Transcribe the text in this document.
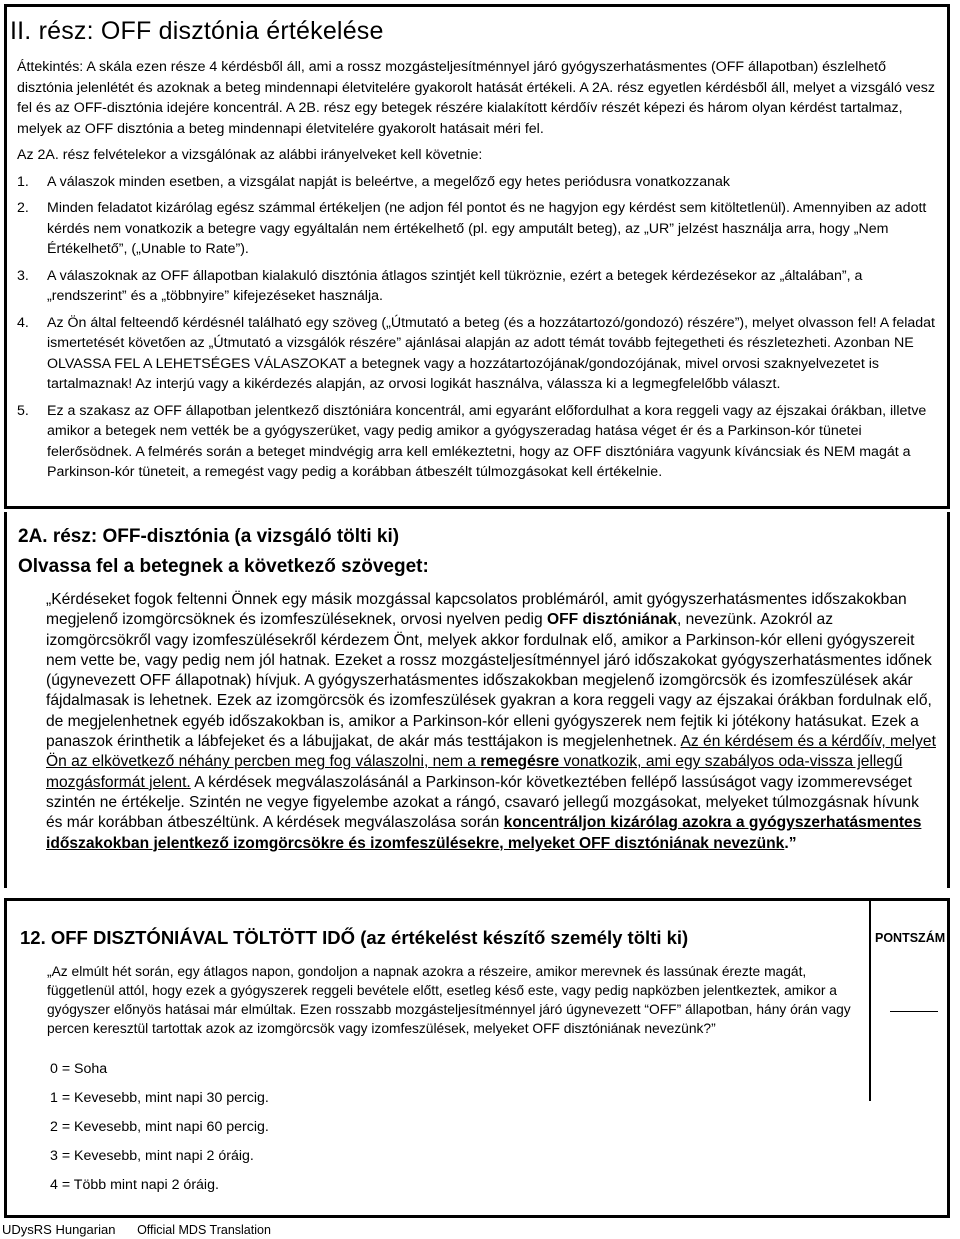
II. rész: OFF disztónia értékelése

Áttekintés: A skála ezen része 4 kérdésből áll, ami a rossz mozgásteljesítménnyel járó gyógyszerhatásmentes (OFF állapotban) észlelhető disztónia jelenlétét és azoknak a beteg mindennapi életvitelére gyakorolt hatását értékeli. A 2A. rész egyetlen kérdésből áll, melyet a vizsgáló vesz fel és az OFF-disztónia idejére koncentrál. A 2B. rész egy betegek részére kialakított kérdőív részét képezi és három olyan kérdést tartalmaz, melyek az OFF disztónia a beteg mindennapi életvitelére gyakorolt hatásait méri fel.

Az 2A. rész felvételekor a vizsgálónak az alábbi irányelveket kell követnie:

1.	A válaszok minden esetben, a vizsgálat napját is beleértve, a megelőző egy hetes periódusra vonatkozzanak
2.	Minden feladatot kizárólag egész számmal értékeljen (ne adjon fél pontot és ne hagyjon egy kérdést sem kitöltetlenül). Amennyiben az adott kérdés nem vonatkozik a betegre vagy egyáltalán nem értékelhető (pl. egy amputált beteg), az „UR” jelzést használja arra, hogy „Nem Értékelhető”, („Unable to Rate”).
3.	A válaszoknak az OFF állapotban kialakuló disztónia átlagos szintjét kell tükröznie, ezért a betegek kérdezésekor az „általában”, a „rendszerint” és a „többnyire” kifejezéseket használja.
4.	Az Ön által felteendő kérdésnél található egy szöveg („Útmutató a beteg (és a hozzátartozó/gondozó) részére”), melyet olvasson fel! A feladat ismertetését követően az „Útmutató a vizsgálók részére” ajánlásai alapján az adott témát tovább fejtegetheti és részletezheti. Azonban NE OLVASSA FEL A LEHETSÉGES VÁLASZOKAT a betegnek vagy a hozzátartozójának/gondozójának, mivel orvosi szaknyelvezetet is tartalmaznak! Az interjú vagy a kikérdezés alapján, az orvosi logikát használva, válassza ki a legmegfelelőbb választ.
5.	Ez a szakasz az OFF állapotban jelentkező disztóniára koncentrál, ami egyaránt előfordulhat a kora reggeli vagy az éjszakai órákban, illetve amikor a betegek nem vették be a gyógyszerüket, vagy pedig amikor a gyógyszeradag hatása véget ér és a Parkinson-kór tünetei felerősödnek. A felmérés során a beteget mindvégig arra kell emlékeztetni, hogy az OFF disztóniára vagyunk kíváncsiak és NEM magát a Parkinson-kór tüneteit, a remegést vagy pedig a korábban átbeszélt túlmozgásokat kell értékelnie.
2A. rész: OFF-disztónia (a vizsgáló tölti ki)
Olvassa fel a betegnek a következő szöveget:
„Kérdéseket fogok feltenni Önnek egy másik mozgással kapcsolatos problémáról, amit gyógyszerhatásmentes időszakokban megjelenő izomgörcsöknek és izomfeszüléseknek, orvosi nyelven pedig OFF disztóniának, nevezünk. Azokról az izomgörcsökről vagy izomfeszülésekről kérdezem Önt, melyek akkor fordulnak elő, amikor a Parkinson-kór elleni gyógyszereit nem vette be, vagy pedig nem jól hatnak. Ezeket a rossz mozgásteljesítménnyel járó időszakokat gyógyszerhatásmentes időnek (úgynevezett OFF állapotnak) hívjuk. A gyógyszerhatásmentes időszakokban megjelenő izomgörcsök és izomfeszülések akár fájdalmasak is lehetnek. Ezek az izomgörcsök és izomfeszülések gyakran a kora reggeli vagy az éjszakai órákban fordulnak elő, de megjelenhetnek egyéb időszakokban is, amikor a Parkinson-kór elleni gyógyszerek nem fejtik ki jótékony hatásukat. Ezek a panaszok érinthetik a lábfejeket és a lábujjakat, de akár más testtájakon is megjelenhetnek. Az én kérdésem és a kérdőív, melyet Ön az elkövetkező néhány percben meg fog válaszolni, nem a remegésre vonatkozik, ami egy szabályos oda-vissza jellegű mozgásformát jelent. A kérdések megválaszolásánál a Parkinson-kór következtében fellépő lassúságot vagy izommerevséget szintén ne értékelje. Szintén ne vegye figyelembe azokat a rángó, csavaró jellegű mozgásokat, melyeket túlmozgásnak hívunk és már korábban átbeszéltünk. A kérdések megválaszolása során koncentráljon kizárólag azokra a gyógyszerhatásmentes időszakokban jelentkező izomgörcsökre és izomfeszülésekre, melyeket OFF disztóniának nevezünk.”
12. OFF DISZTÓNIÁVAL TÖLTÖTT IDŐ (az értékelést készítő személy tölti ki)	PONTSZÁM
„Az elmúlt hét során, egy átlagos napon, gondoljon a napnak azokra a részeire, amikor merevnek és lassúnak érezte magát, függetlenül attól, hogy ezek a gyógyszerek reggeli bevétele előtt, esetleg késő este, vagy pedig napközben jelentkeztek, amikor a gyógyszer előnyös hatásai már elmúltak. Ezen rosszabb mozgásteljesítménnyel járó úgynevezett “OFF” állapotban, hány órán vagy percen keresztül tartottak azok az izomgörcsök vagy izomfeszülések, melyeket OFF disztóniának nevezünk?”
0 = Soha
1 = Kevesebb, mint napi 30 percig.
2 = Kevesebb, mint napi 60 percig.
3 = Kevesebb, mint napi 2 óráig.
4 = Több mint napi 2 óráig.
UDysRS Hungarian Official MDS Translation
